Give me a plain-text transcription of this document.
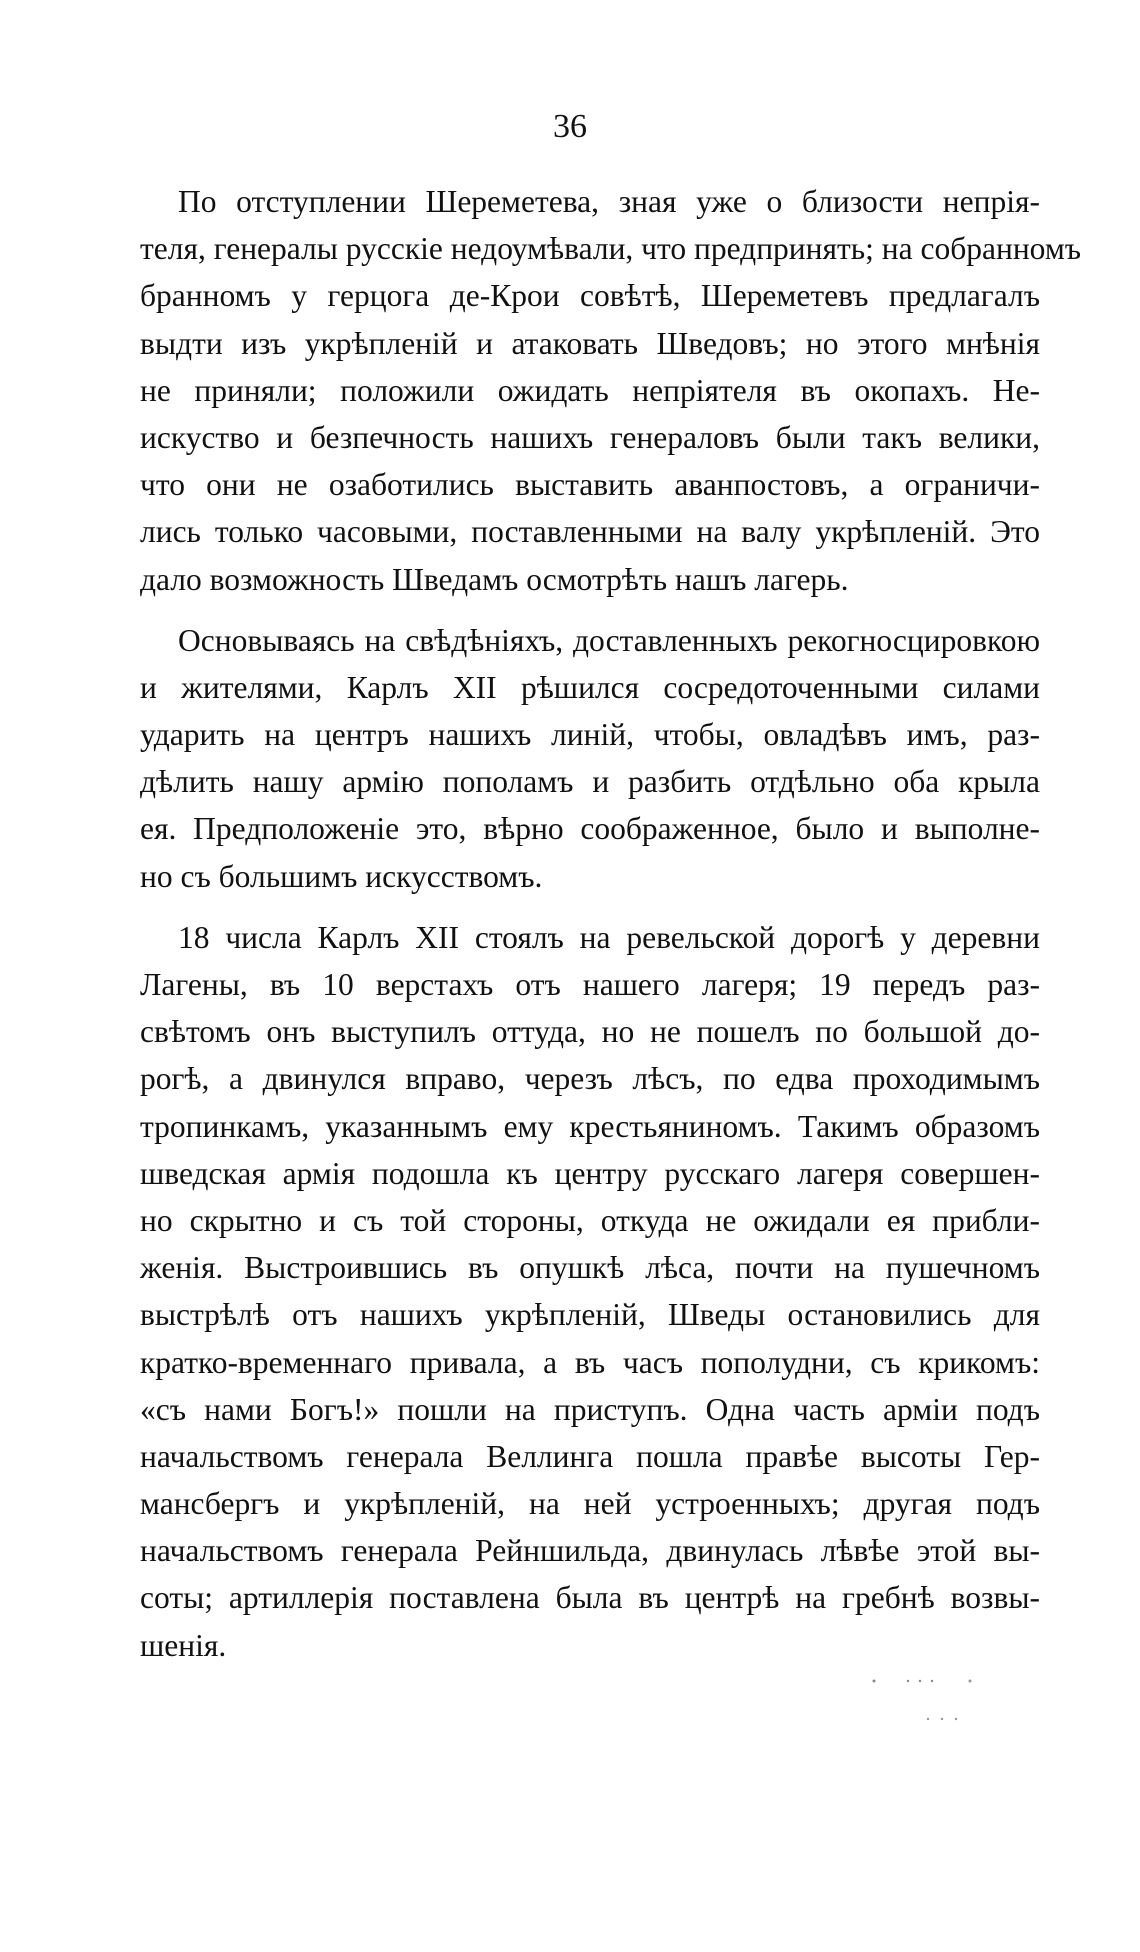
36

По отступлении Шереметева, зная уже о близости непрія-
теля, генералы русскіе недоумѣвали, что предпринять; на собранномъ
бранномъ у герцога де-Крои совѣтѣ, Шереметевъ предлагалъ
выдти изъ укрѣпленій и атаковать Шведовъ; но этого мнѣнія
не приняли; положили ожидать непріятеля въ окопахъ. Не-
искуство и безпечность нашихъ генераловъ были такъ велики,
что они не озаботились выставить аванпостовъ, а ограничи-
лись только часовыми, поставленными на валу укрѣпленій. Это
дало возможность Шведамъ осмотрѣть нашъ лагерь.

Основываясь на свѣдѣніяхъ, доставленныхъ рекогносцировкою
и жителями, Карлъ XII рѣшился сосредоточенными силами
ударить на центръ нашихъ линій, чтобы, овладѣвъ имъ, раз-
дѣлить нашу армію пополамъ и разбить отдѣльно оба крыла
ея. Предположеніе это, вѣрно соображенное, было и выполне-
но съ большимъ искусствомъ.

18 числа Карлъ XII стоялъ на ревельской дорогѣ у деревни
Лагены, въ 10 верстахъ отъ нашего лагеря; 19 передъ раз-
свѣтомъ онъ выступилъ оттуда, но не пошелъ по большой до-
рогѣ, а двинулся вправо, черезъ лѣсъ, по едва проходимымъ
тропинкамъ, указаннымъ ему крестьяниномъ. Такимъ образомъ
шведская армія подошла къ центру русскаго лагеря совершен-
но скрытно и съ той стороны, откуда не ожидали ея прибли-
женія. Выстроившись въ опушкѣ лѣса, почти на пушечномъ
выстрѣлѣ отъ нашихъ укрѣпленій, Шведы остановились для
кратко-временнаго привала, а въ часъ пополудни, съ крикомъ:
«съ нами Богъ!» пошли на приступъ. Одна часть арміи подъ
начальствомъ генерала Веллинга пошла правѣе высоты Гер-
мансбергъ и укрѣпленій, на ней устроенныхъ; другая подъ
начальствомъ генерала Рейншильда, двинулась лѣвѣе этой вы-
соты; артиллерія поставлена была въ центрѣ на гребнѣ возвы-
шенія.
